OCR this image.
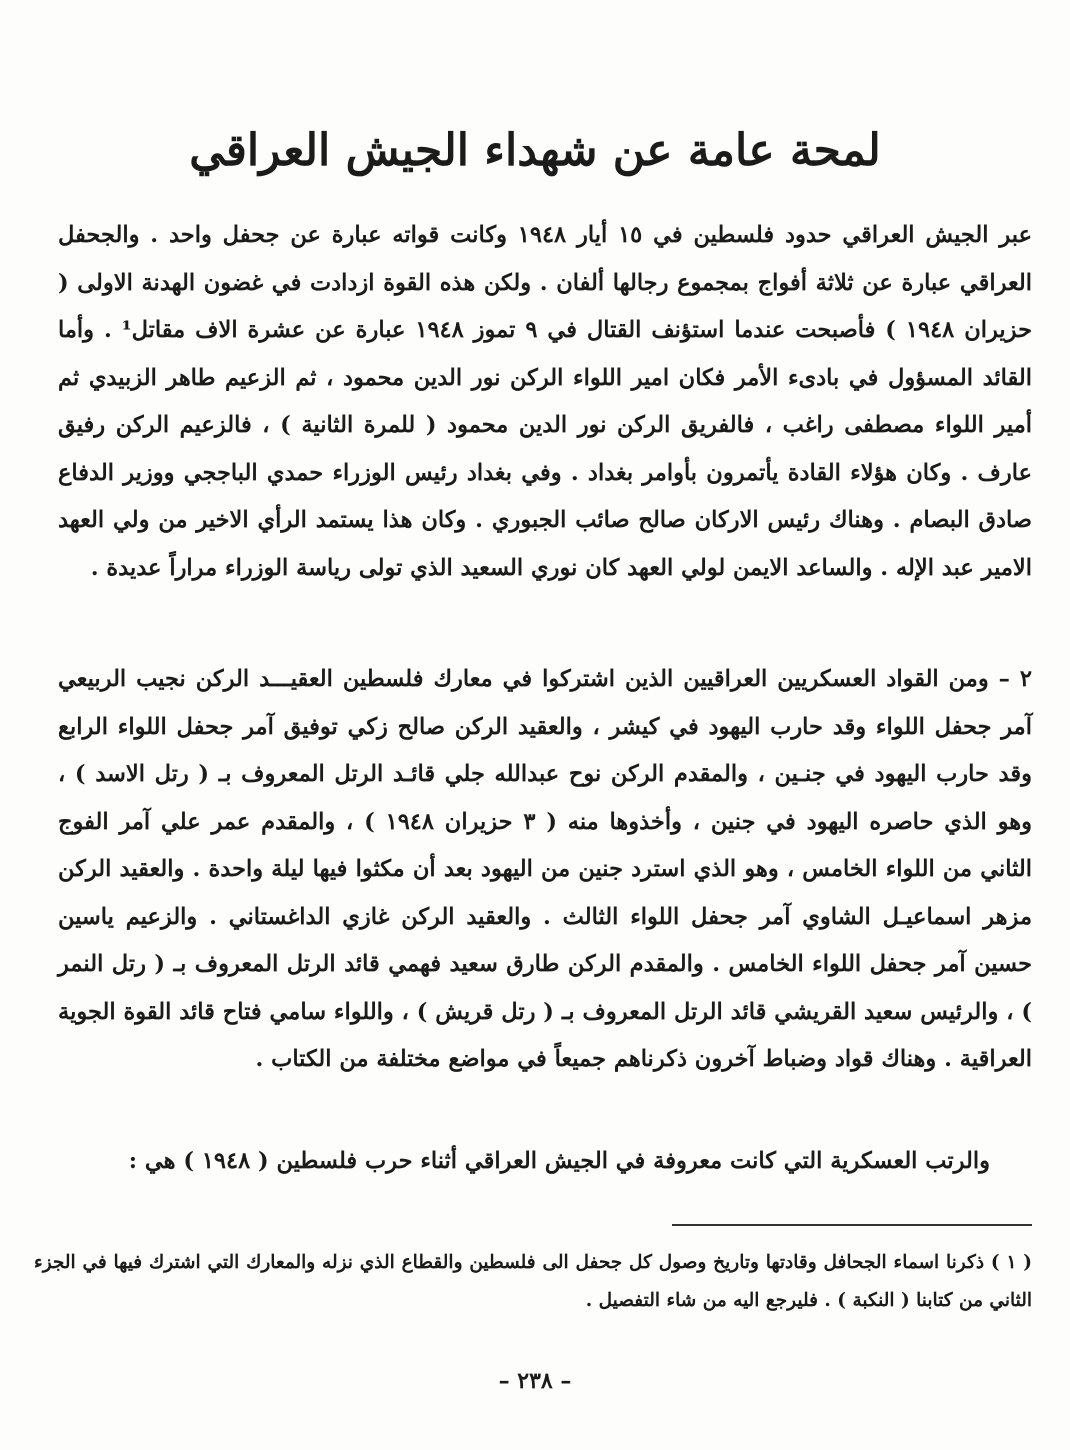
لمحة عامة عن شهداء الجيش العراقي

عبر الجيش العراقي حدود فلسطين في ١٥ أيار ١٩٤٨ وكانت قواته عبارة عن جحفل واحد . والجحفل العراقي عبارة عن ثلاثة أفواج بمجموع رجالها ألفان . ولكن هذه القوة ازدادت في غضون الهدنة الاولى ( حزيران ١٩٤٨ ) فأصبحت عندما استؤنف القتال في ٩ تموز ١٩٤٨ عبارة عن عشرة الاف مقاتل¹ . وأما القائد المسؤول في بادىء الأمر فكان امير اللواء الركن نور الدين محمود ، ثم الزعيم طاهر الزبيدي ثم أمير اللواء مصطفى راغب ، فالفريق الركن نور الدين محمود ( للمرة الثانية ) ، فالزعيم الركن رفيق عارف . وكان هؤلاء القادة يأتمرون بأوامر بغداد . وفي بغداد رئيس الوزراء حمدي الباججي ووزير الدفاع صادق البصام . وهناك رئيس الاركان صالح صائب الجبوري . وكان هذا يستمد الرأي الاخير من ولي العهد الامير عبد الإله . والساعد الايمن لولي العهد كان نوري السعيد الذي تولى رياسة الوزراء مراراً عديدة .

٢ – ومن القواد العسكريين العراقيين الذين اشتركوا في معارك فلسطين العقيـــد الركن نجيب الربيعي آمر جحفل اللواء وقد حارب اليهود في كيشر ، والعقيد الركن صالح زكي توفيق آمر جحفل اللواء الرابع وقد حارب اليهود في جنـين ، والمقدم الركن نوح عبدالله جلي قائـد الرتل المعروف بـ ( رتل الاسد ) ، وهو الذي حاصره اليهود في جنين ، وأخذوها منه ( ٣ حزيران ١٩٤٨ ) ، والمقدم عمر علي آمر الفوج الثاني من اللواء الخامس ، وهو الذي استرد جنين من اليهود بعد أن مكثوا فيها ليلة واحدة . والعقيد الركن مزهر اسماعيـل الشاوي آمر جحفل اللواء الثالث . والعقيد الركن غازي الداغستاني . والزعيم ياسين حسين آمر جحفل اللواء الخامس . والمقدم الركن طارق سعيد فهمي قائد الرتل المعروف بـ ( رتل النمر ) ، والرئيس سعيد القريشي قائد الرتل المعروف بـ ( رتل قريش ) ، واللواء سامي فتاح قائد القوة الجوية العراقية . وهناك قواد وضباط آخرون ذكرناهم جميعاً في مواضع مختلفة من الكتاب .

والرتب العسكرية التي كانت معروفة في الجيش العراقي أثناء حرب فلسطين ( ١٩٤٨ ) هي :
( ١ ) ذكرنا اسماء الجحافل وقادتها وتاريخ وصول كل جحفل الى فلسطين والقطاع الذي نزله والمعارك التي اشترك فيها في الجزء الثاني من كتابنا ( النكبة ) . فليرجع اليه من شاء التفصيل .
– ٢٣٨ –
